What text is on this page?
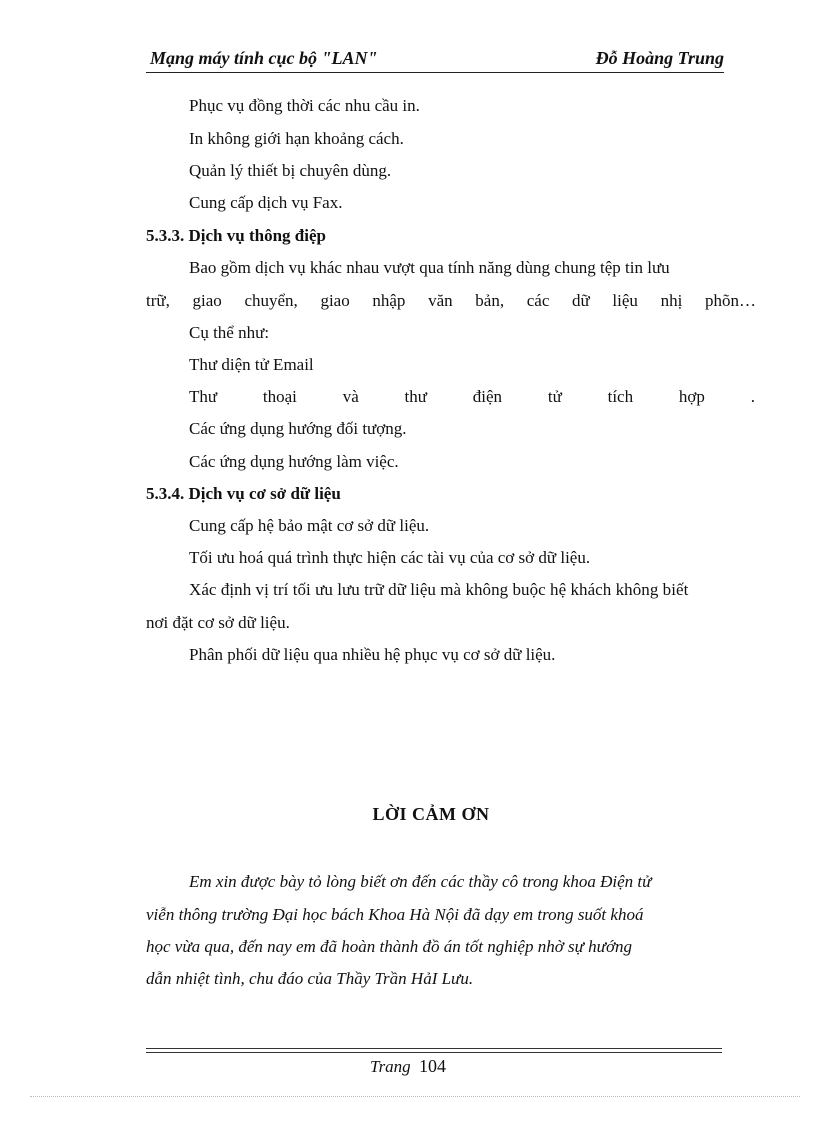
Mạng máy tính cục bộ "LAN"	Đỗ Hoàng Trung
Phục vụ đồng thời các nhu cầu in.
In không giới hạn khoảng cách.
Quản lý thiết bị chuyên dùng.
Cung cấp dịch vụ Fax.
5.3.3. Dịch vụ thông điệp
Bao gồm dịch vụ khác nhau vượt qua tính năng dùng chung tệp tin lưu
trữ, giao chuyển, giao nhập văn bản, các dữ liệu nhị phõn…
Cụ thể như:
Thư diện tử Email
Thư	thoại	và	thư	điện	tử	tích	hợp	.
Các ứng dụng hướng đối tượng.
Các ứng dụng hướng làm việc.
5.3.4. Dịch vụ cơ sở dữ liệu
Cung cấp hệ bảo mật cơ sở dữ liệu.
Tối ưu hoá quá trình thực hiện các tài vụ của cơ sở dữ liệu.
Xác định vị trí tối ưu lưu trữ dữ liệu mà không buộc hệ khách không biết
nơi đặt cơ sở dữ liệu.
Phân phối dữ liệu qua nhiều hệ phục vụ cơ sở dữ liệu.
LỜI CẢM ƠN
Em xin được bày tỏ lòng biết ơn đến các thầy cô trong khoa Điện tử
viễn thông trường Đại học bách Khoa Hà Nội đã dạy em trong suốt khoá
học vừa qua, đến nay em đã hoàn thành đồ án tốt nghiệp nhờ sự hướng
dẫn nhiệt tình, chu đáo của Thầy Trần HảI Lưu.
Trang 104
